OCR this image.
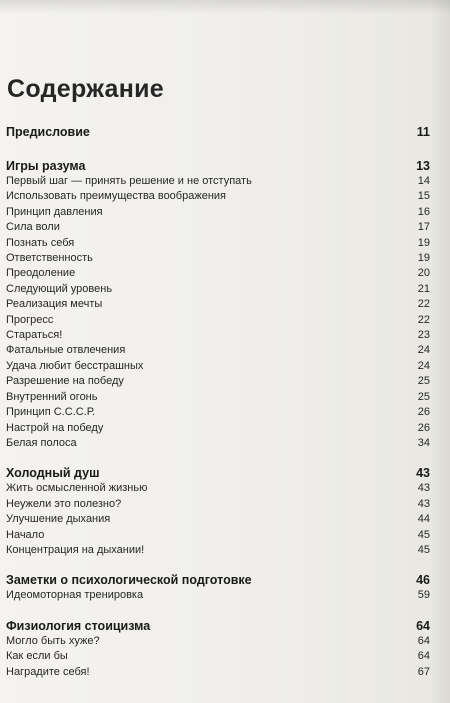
Содержание
Предисловие	11
Игры разума	13
Первый шаг — принять решение и не отступать	14
Использовать преимущества воображения	15
Принцип давления	16
Сила воли	17
Познать себя	19
Ответственность	19
Преодоление	20
Следующий уровень	21
Реализация мечты	22
Прогресс	22
Стараться!	23
Фатальные отвлечения	24
Удача любит бесстрашных	24
Разрешение на победу	25
Внутренний огонь	25
Принцип С.С.С.Р.	26
Настрой на победу	26
Белая полоса	34
Холодный душ	43
Жить осмысленной жизнью	43
Неужели это полезно?	43
Улучшение дыхания	44
Начало	45
Концентрация на дыхании!	45
Заметки о психологической подготовке	46
Идеомоторная тренировка	59
Физиология стоицизма	64
Могло быть хуже?	64
Как если бы	64
Наградите себя!	67
